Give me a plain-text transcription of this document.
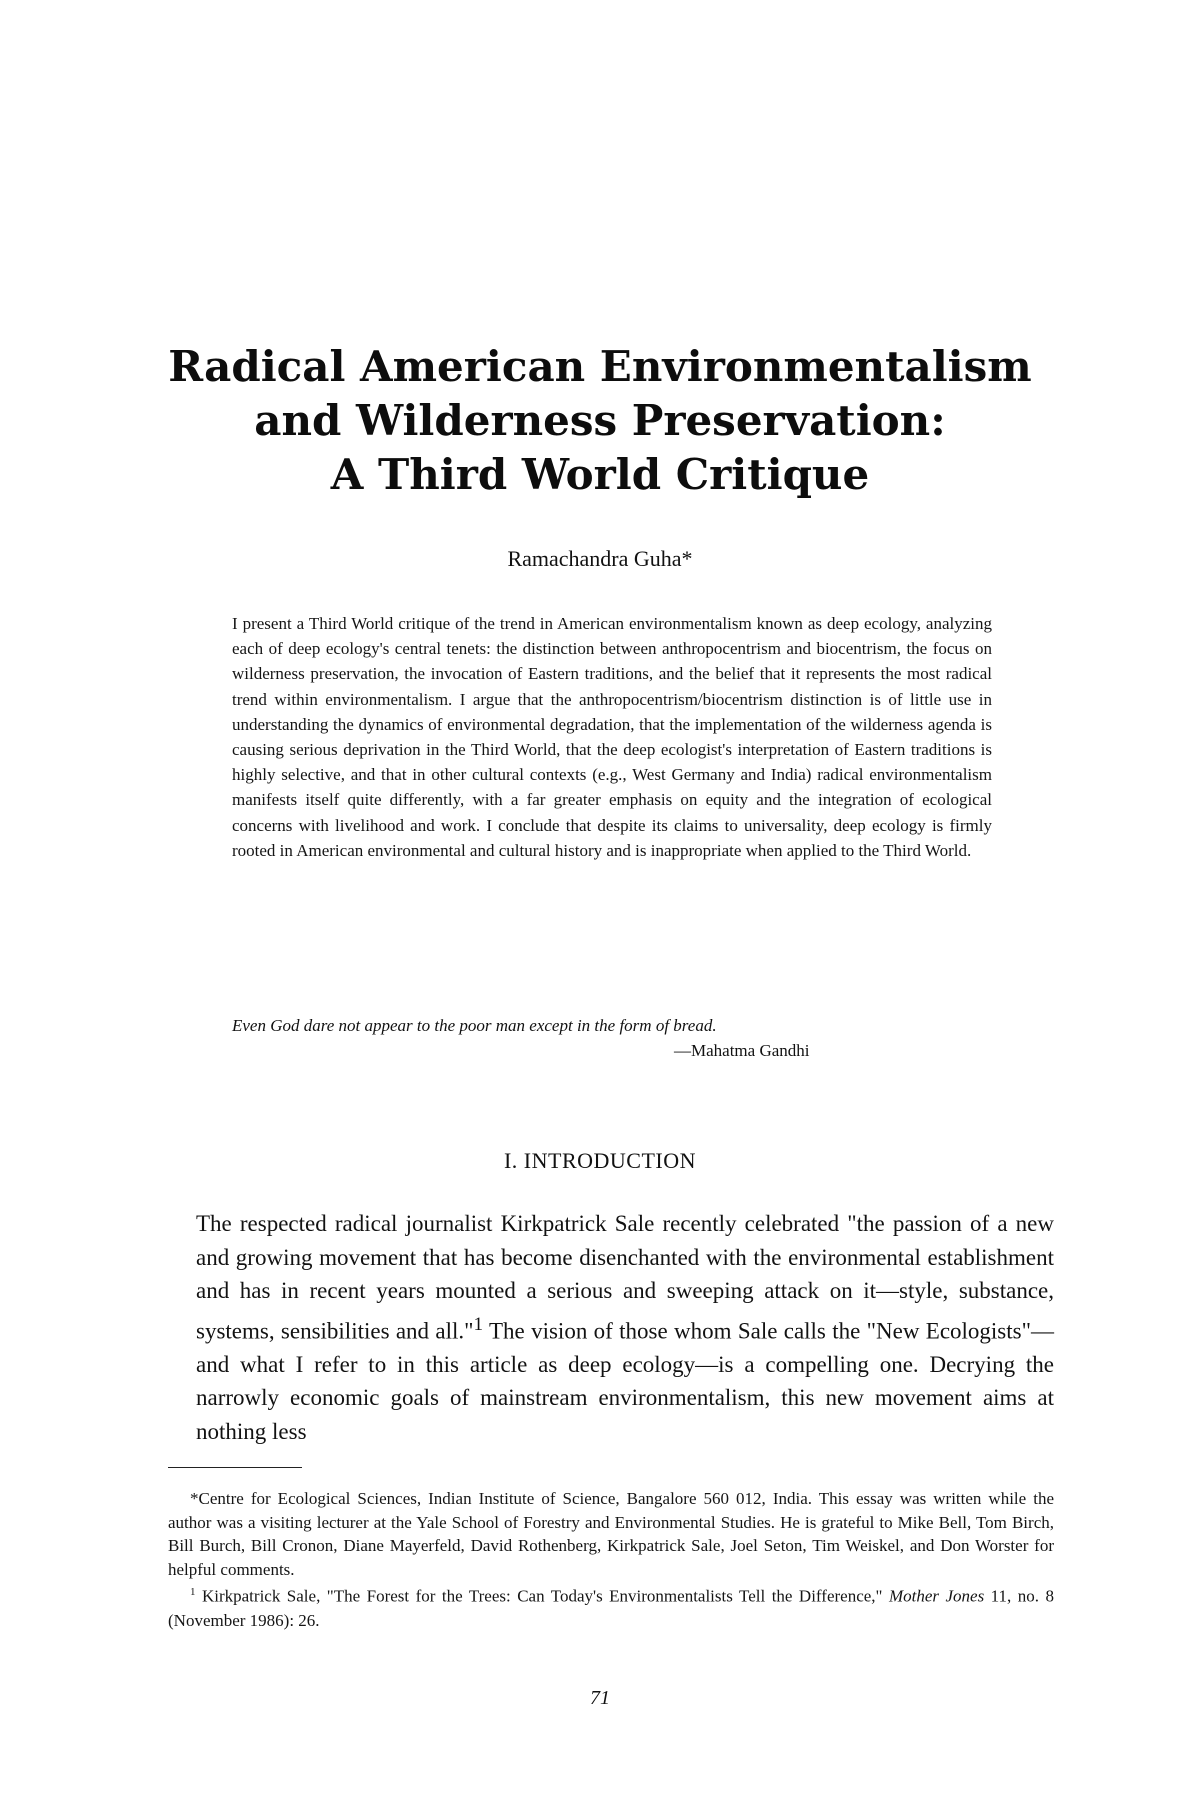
Radical American Environmentalism
and Wilderness Preservation:
A Third World Critique
Ramachandra Guha*

I present a Third World critique of the trend in American environmentalism known as deep ecology, analyzing each of deep ecology's central tenets: the distinction between anthropocentrism and biocentrism, the focus on wilderness preservation, the invocation of Eastern traditions, and the belief that it represents the most radical trend within environmentalism. I argue that the anthropocentrism/biocentrism distinction is of little use in understanding the dynamics of environmental degradation, that the implementation of the wilderness agenda is causing serious deprivation in the Third World, that the deep ecologist's interpretation of Eastern traditions is highly selective, and that in other cultural contexts (e.g., West Germany and India) radical environmentalism manifests itself quite differently, with a far greater emphasis on equity and the integration of ecological concerns with livelihood and work. I conclude that despite its claims to universality, deep ecology is firmly rooted in American environmental and cultural history and is inappropriate when applied to the Third World.

Even God dare not appear to the poor man except in the form of bread.

—Mahatma Gandhi

I. INTRODUCTION

The respected radical journalist Kirkpatrick Sale recently celebrated "the passion of a new and growing movement that has become disenchanted with the environmental establishment and has in recent years mounted a serious and sweeping attack on it—style, substance, systems, sensibilities and all."$^1$ The vision of those whom Sale calls the "New Ecologists"—and what I refer to in this article as deep ecology—is a compelling one. Decrying the narrowly economic goals of mainstream environmentalism, this new movement aims at nothing less

*Centre for Ecological Sciences, Indian Institute of Science, Bangalore 560 012, India. This essay was written while the author was a visiting lecturer at the Yale School of Forestry and Environmental Studies. He is grateful to Mike Bell, Tom Birch, Bill Burch, Bill Cronon, Diane Mayerfeld, David Rothenberg, Kirkpatrick Sale, Joel Seton, Tim Weiskel, and Don Worster for helpful comments.

$^1$ Kirkpatrick Sale, "The Forest for the Trees: Can Today's Environmentalists Tell the Difference," Mother Jones 11, no. 8 (November 1986): 26.

71
